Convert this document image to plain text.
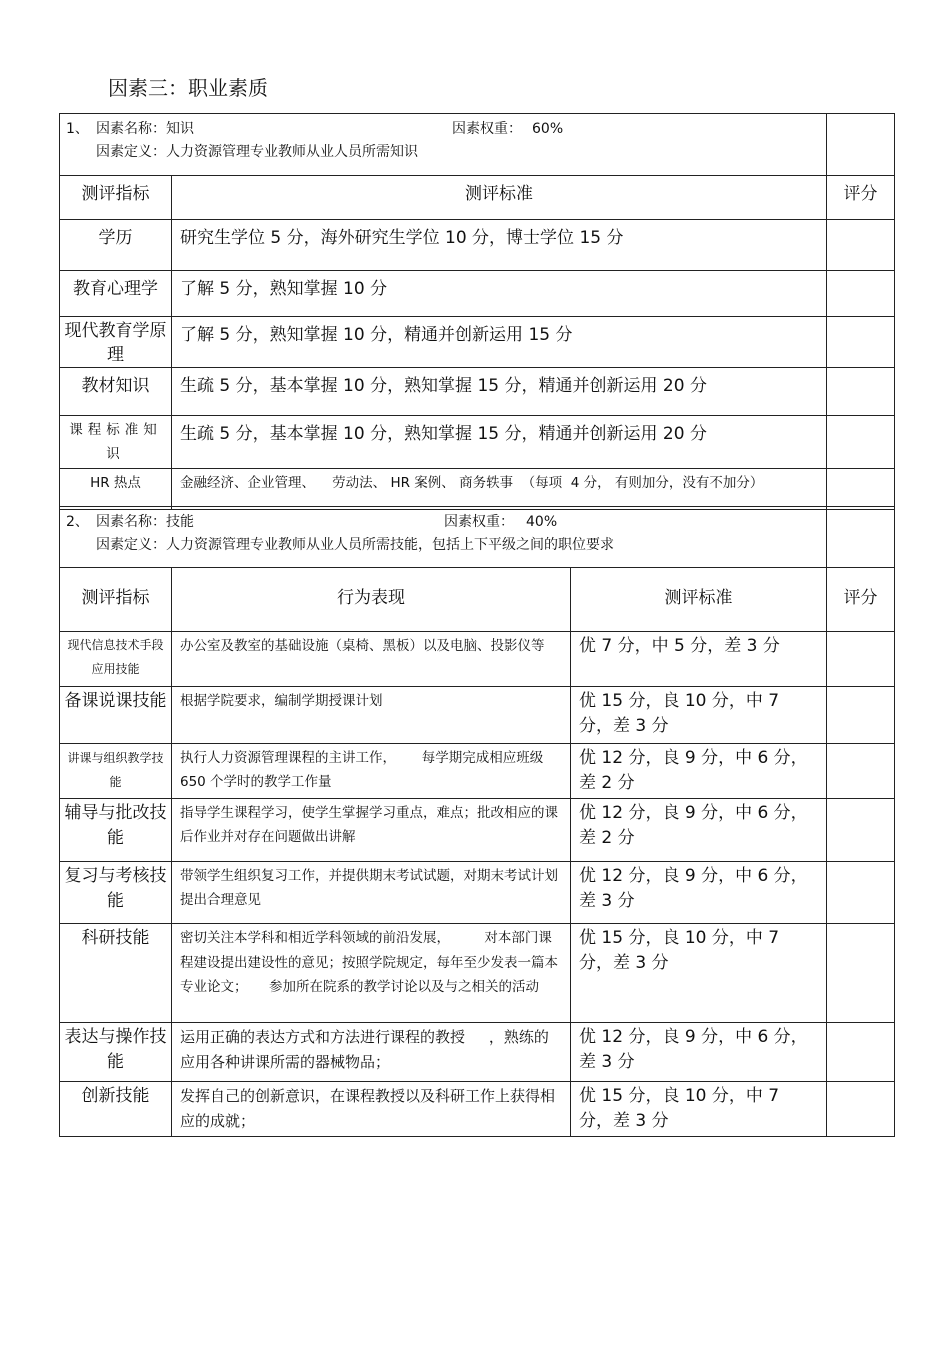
因素三：职业素质
1、 因素名称：知识 因素权重： 60%
因素定义：人力资源管理专业教师从业人员所需知识		

测评指标	测评标准	评分
学历	研究生学位 5 分，海外研究生学位 10 分，博士学位 15 分	
教育心理学	了解 5 分，熟知掌握 10 分	
现代教育学原理	了解 5 分，熟知掌握 10 分，精通并创新运用 15 分	
教材知识	生疏 5 分，基本掌握 10 分，熟知掌握 15 分，精通并创新运用 20 分	
课程标准知识	生疏 5 分，基本掌握 10 分，熟知掌握 15 分，精通并创新运用 20 分	
HR 热点	金融经济、企业管理、    劳动法、 HR 案例、 商务轶事  （每项  4 分， 有则加分，没有不加分）	
2、 因素名称：技能	因素权重： 40%
因素定义：人力资源管理专业教师从业人员所需技能，包括上下平级之间的职位要求

测评指标	行为表现	测评标准	评分
现代信息技术手段应用技能	办公室及教室的基础设施（桌椅、黑板）以及电脑、投影仪等	优 7 分，中 5 分，差 3 分	
备课说课技能	根据学院要求，编制学期授课计划	优 15 分，良 10 分，中 7 分，差 3 分	
讲课与组织教学技能	执行人力资源管理课程的主讲工作，      每学期完成相应班级 650 个学时的教学工作量	优 12 分，良 9 分，中 6 分，差 2 分	
辅导与批改技能	指导学生课程学习，使学生掌握学习重点，难点；批改相应的课后作业并对存在问题做出讲解	优 12 分，良 9 分，中 6 分，差 2 分	
复习与考核技能	带领学生组织复习工作，并提供期末考试试题，对期末考试计划提出合理意见	优 12 分，良 9 分，中 6 分，差 3 分	
科研技能	密切关注本学科和相近学科领域的前沿发展，        对本部门课程建设提出建设性的意见；按照学院规定，每年至少发表一篇本专业论文；     参加所在院系的教学讨论以及与之相关的活动	优 15 分，良 10 分，中 7 分，差 3 分	
表达与操作技能	运用正确的表达方式和方法进行课程的教授     ，熟练的应用各种讲课所需的器械物品；	优 12 分，良 9 分，中 6 分，差 3 分	
创新技能	发挥自己的创新意识，在课程教授以及科研工作上获得相应的成就；	优 15 分，良 10 分，中 7 分，差 3 分	
